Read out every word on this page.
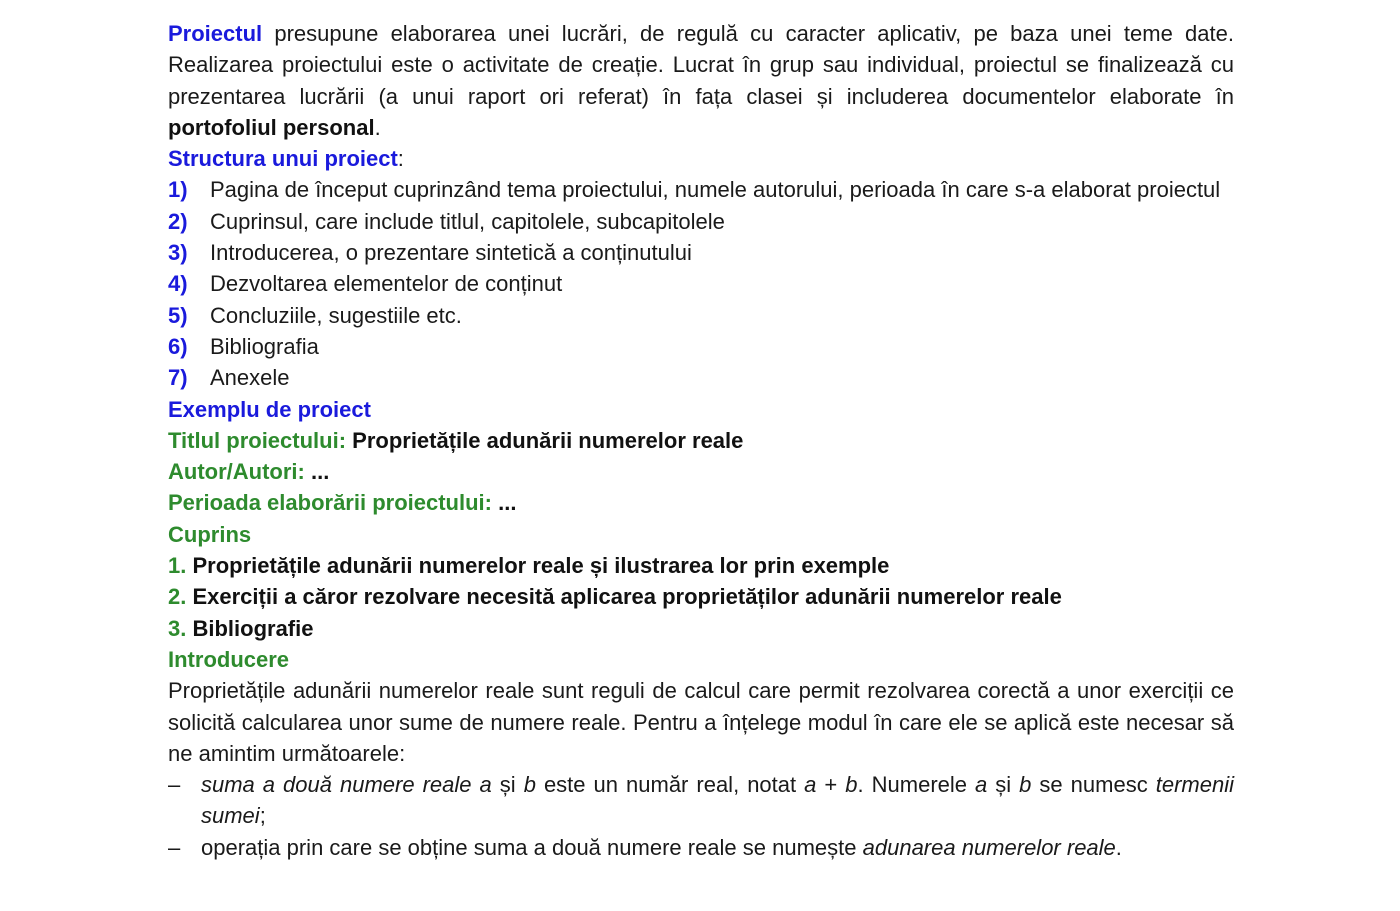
Proiectul presupune elaborarea unei lucrări, de regulă cu caracter aplicativ, pe baza unei teme date. Realizarea proiectului este o activitate de creație. Lucrat în grup sau individual, proiectul se finalizează cu prezentarea lucrării (a unui raport ori referat) în fața clasei și includerea documentelor elaborate în portofoliul personal.
Structura unui proiect:
1)	Pagina de început cuprinzând tema proiectului, numele autorului, perioada în care s-a elaborat proiectul
2)	Cuprinsul, care include titlul, capitolele, subcapitolele
3)	Introducerea, o prezentare sintetică a conținutului
4)	Dezvoltarea elementelor de conținut
5)	Concluziile, sugestiile etc.
6)	Bibliografia
7)	Anexele
Exemplu de proiect
Titlul proiectului: Proprietățile adunării numerelor reale
Autor/Autori: ...
Perioada elaborării proiectului: ...
Cuprins
1. Proprietățile adunării numerelor reale și ilustrarea lor prin exemple
2. Exerciții a căror rezolvare necesită aplicarea proprietăților adunării numerelor reale
3. Bibliografie
Introducere
Proprietățile adunării numerelor reale sunt reguli de calcul care permit rezolvarea corectă a unor exerciții ce solicită calcularea unor sume de numere reale. Pentru a înțelege modul în care ele se aplică este necesar să ne amintim următoarele:
– suma a două numere reale a și b este un număr real, notat a + b. Numerele a și b se numesc termenii sumei;
– operația prin care se obține suma a două numere reale se numește adunarea numerelor reale.
